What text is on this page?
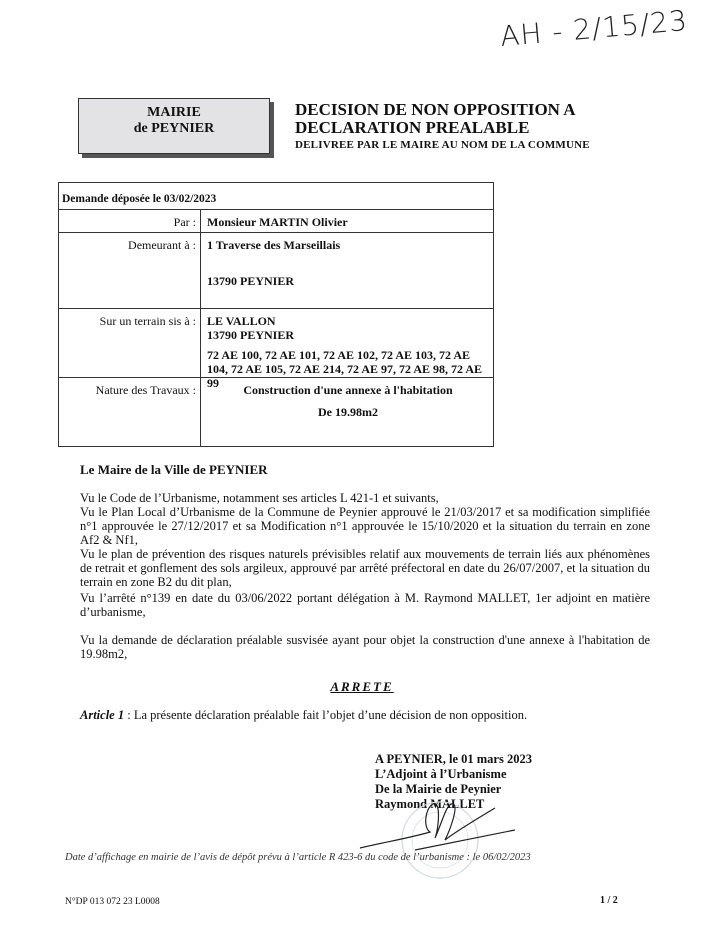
AH - 2/15/23
MAIRIE
de PEYNIER
DECISION DE NON OPPOSITION A
DECLARATION PREALABLE
DELIVREE PAR LE MAIRE AU NOM DE LA COMMUNE
Demande déposée le 03/02/2023
Par : Monsieur MARTIN Olivier
Demeurant à : 1 Traverse des Marseillais
13790 PEYNIER
Sur un terrain sis à : LE VALLON
13790 PEYNIER
72 AE 100, 72 AE 101, 72 AE 102, 72 AE 103, 72 AE 104, 72 AE 105, 72 AE 214, 72 AE 97, 72 AE 98, 72 AE 99
Nature des Travaux :	Construction d'une annexe à l'habitation
De 19.98m2
Le Maire de la Ville de PEYNIER
Vu le Code de l’Urbanisme, notamment ses articles L 421-1 et suivants,
Vu le Plan Local d’Urbanisme de la Commune de Peynier approuvé le 21/03/2017 et sa modification simplifiée n°1 approuvée le 27/12/2017 et sa Modification n°1 approuvée le 15/10/2020 et la situation du terrain en zone Af2 & Nf1,
Vu le plan de prévention des risques naturels prévisibles relatif aux mouvements de terrain liés aux phénomènes de retrait et gonflement des sols argileux, approuvé par arrêté préfectoral en date du 26/07/2007, et la situation du terrain en zone B2 du dit plan,
Vu l’arrêté n°139 en date du 03/06/2022 portant délégation à M. Raymond MALLET, 1er adjoint en matière d’urbanisme,
Vu la demande de déclaration préalable susvisée ayant pour objet la construction d'une annexe à l'habitation de 19.98m2,
ARRETE
Article 1 : La présente déclaration préalable fait l’objet d’une décision de non opposition.
A PEYNIER, le 01 mars 2023
L’Adjoint à l’Urbanisme
De la Mairie de Peynier
Raymond MALLET
Date d’affichage en mairie de l’avis de dépôt prévu à l’article R 423-6 du code de l’urbanisme : le 06/02/2023
N°DP 013 072 23 L0008	1 / 2
